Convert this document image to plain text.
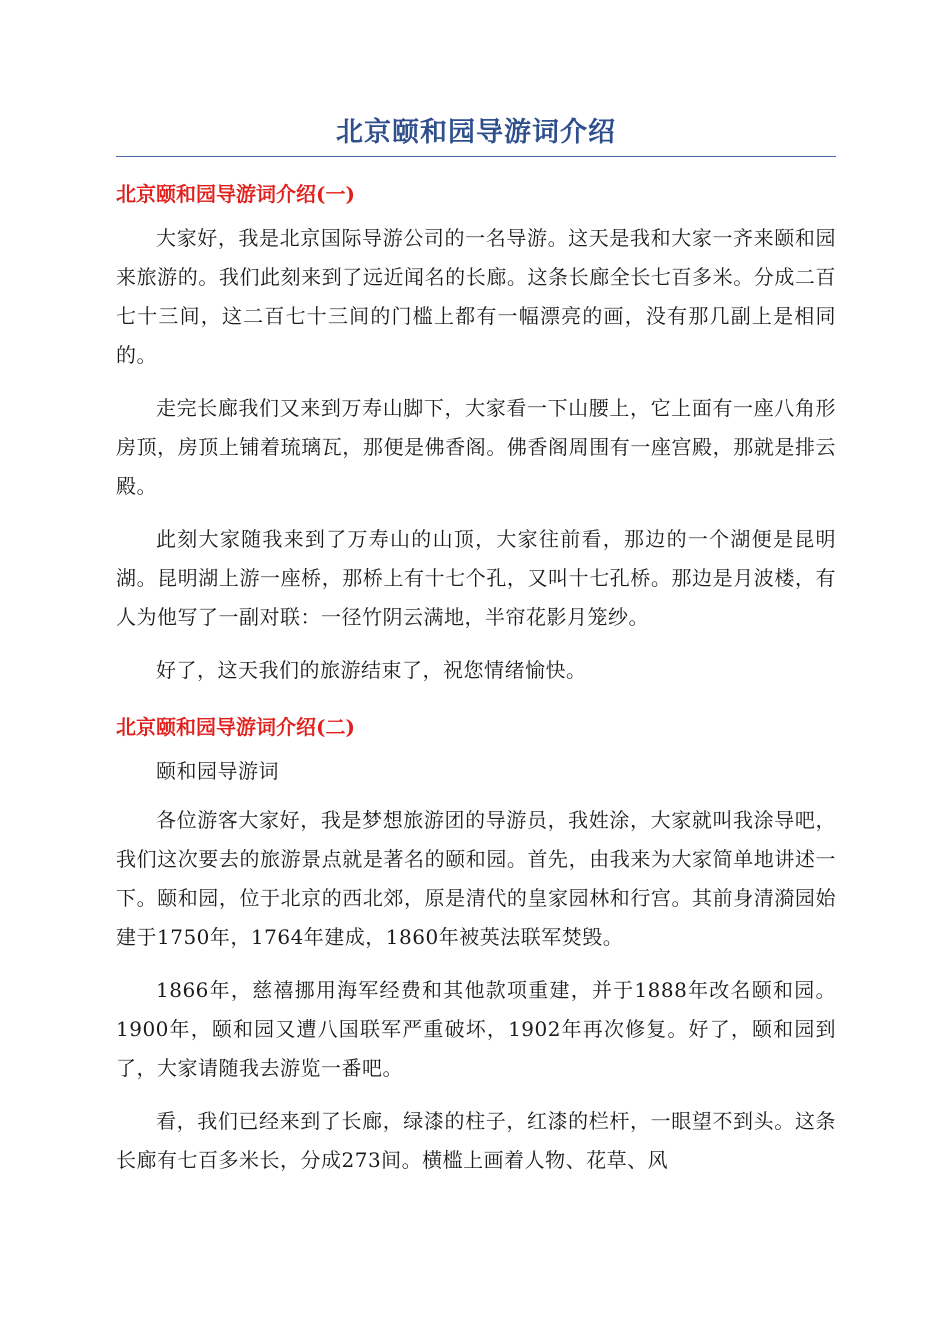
北京颐和园导游词介绍
北京颐和园导游词介绍(一)

大家好，我是北京国际导游公司的一名导游。这天是我和大家一齐来颐和园来旅游的。我们此刻来到了远近闻名的长廊。这条长廊全长七百多米。分成二百七十三间，这二百七十三间的门槛上都有一幅漂亮的画，没有那几副上是相同的。

走完长廊我们又来到万寿山脚下，大家看一下山腰上，它上面有一座八角形房顶，房顶上铺着琉璃瓦，那便是佛香阁。佛香阁周围有一座宫殿，那就是排云殿。

此刻大家随我来到了万寿山的山顶，大家往前看，那边的一个湖便是昆明湖。昆明湖上游一座桥，那桥上有十七个孔，又叫十七孔桥。那边是月波楼，有人为他写了一副对联：一径竹阴云满地，半帘花影月笼纱。

好了，这天我们的旅游结束了，祝您情绪愉快。

北京颐和园导游词介绍(二)

颐和园导游词

各位游客大家好，我是梦想旅游团的导游员，我姓涂，大家就叫我涂导吧，我们这次要去的旅游景点就是著名的颐和园。首先，由我来为大家简单地讲述一下。颐和园，位于北京的西北郊，原是清代的皇家园林和行宫。其前身清漪园始建于1750年，1764年建成，1860年被英法联军焚毁。

1866年，慈禧挪用海军经费和其他款项重建，并于1888年改名颐和园。1900年，颐和园又遭八国联军严重破坏，1902年再次修复。好了，颐和园到了，大家请随我去游览一番吧。

看，我们已经来到了长廊，绿漆的柱子，红漆的栏杆，一眼望不到头。这条长廊有七百多米长，分成273间。横槛上画着人物、花草、风
